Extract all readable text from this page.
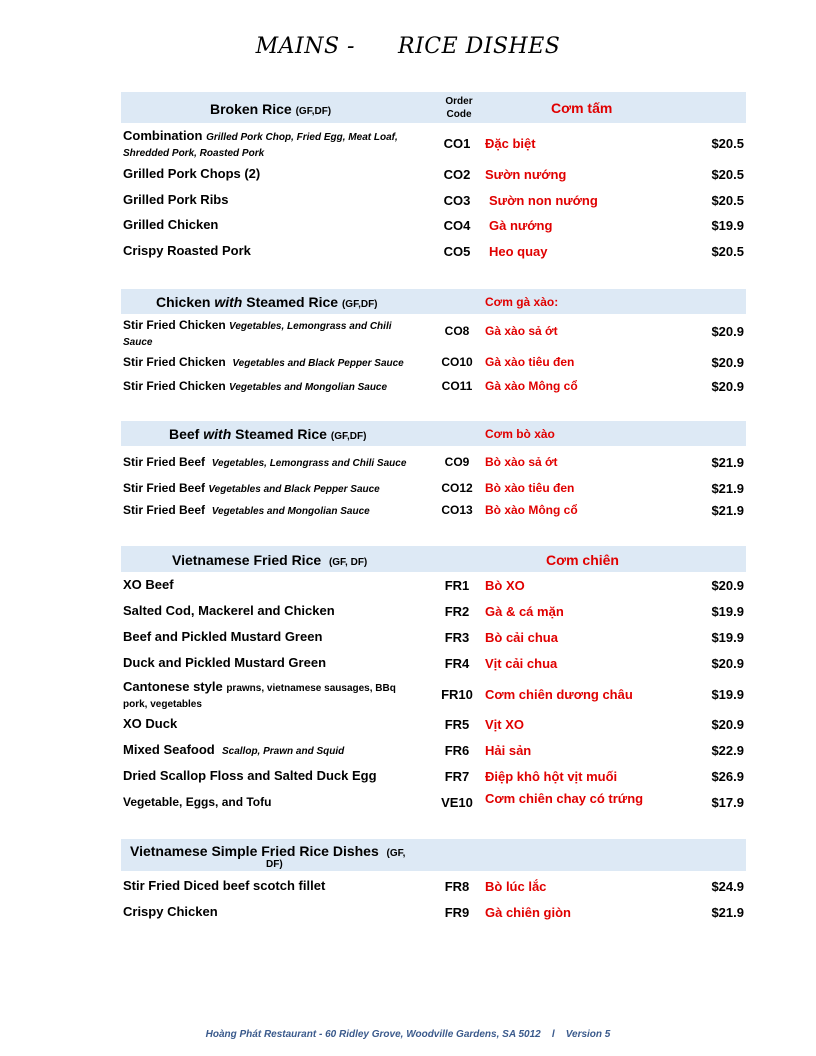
MAINS - RICE DISHES
Broken Rice (GF,DF)
Order
Code	Cơm tấm
Combination Grilled Pork Chop, Fried Egg, Meat Loaf,
Shredded Pork, Roasted Pork
CO1	Đặc biệt	$20.5
Grilled Pork Chops (2)	CO2	Sườn nướng	$20.5
Grilled Pork Ribs	CO3	Sườn non nướng	$20.5
Grilled Chicken	CO4	Gà nướng	$19.9
Crispy Roasted Pork	CO5	Heo quay	$20.5
Chicken with Steamed Rice (GF,DF)	Cơm gà xào:
Stir Fried Chicken Vegetables, Lemongrass and Chili
Sauce
CO8	Gà xào sả ớt	$20.9
Stir Fried Chicken Vegetables and Black Pepper Sauce	CO10	Gà xào tiêu đen	$20.9
Stir Fried Chicken Vegetables and Mongolian Sauce	CO11	Gà xào Mông cổ	$20.9
Beef with Steamed Rice (GF,DF)	Cơm bò xào
Stir Fried Beef Vegetables, Lemongrass and Chili Sauce	CO9	Bò xào sả ớt	$21.9
Stir Fried Beef Vegetables and Black Pepper Sauce	CO12	Bò xào tiêu đen	$21.9
Stir Fried Beef Vegetables and Mongolian Sauce	CO13	Bò xào Mông cổ	$21.9
Vietnamese Fried Rice (GF, DF)	Cơm chiên
XO Beef	FR1	Bò XO	$20.9
Salted Cod, Mackerel and Chicken	FR2	Gà & cá mặn	$19.9
Beef and Pickled Mustard Green	FR3	Bò cải chua	$19.9
Duck and Pickled Mustard Green	FR4	Vịt cải chua	$20.9
Cantonese style prawns, vietnamese sausages, BBq
pork, vegetables
FR10 Cơm chiên dương châu	$19.9
XO Duck	FR5	Vịt XO	$20.9
Mixed Seafood Scallop, Prawn and Squid	FR6	Hải sản	$22.9
Dried Scallop Floss and Salted Duck Egg	FR7	Điệp khô hột vịt muối	$26.9
Vegetable, Eggs, and Tofu	VE10 Cơm chiên chay có trứng	$17.9
Vietnamese Simple Fried Rice Dishes (GF,
DF)
Stir Fried Diced beef scotch fillet	FR8	Bò lúc lắc	$24.9
Crispy Chicken	FR9	Gà chiên giòn	$21.9
Hoàng Phát Restaurant - 60 Ridley Grove, Woodville Gardens, SA 5012    l    Version 5
